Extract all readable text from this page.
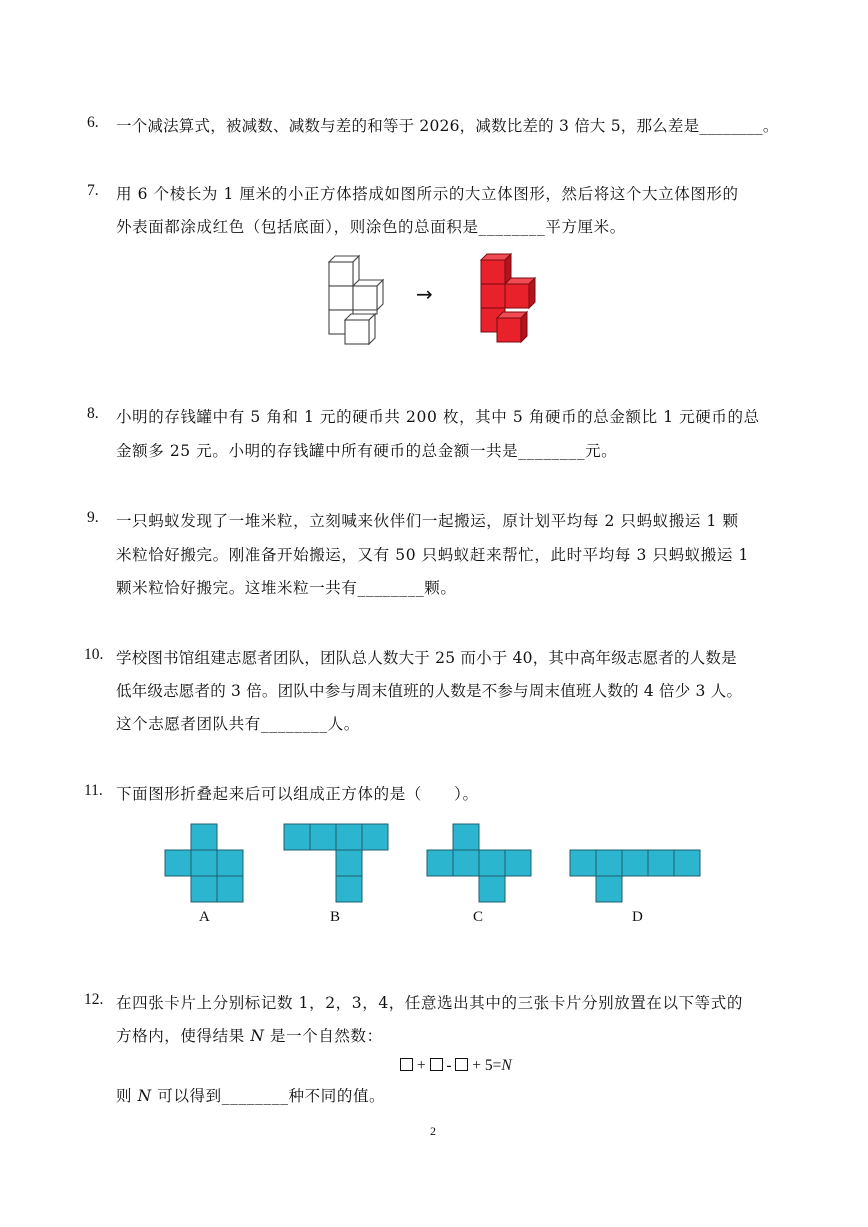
6. 一个减法算式，被减数、减数与差的和等于 2026，减数比差的 3 倍大 5，那么差是________。
7. 用 6 个棱长为 1 厘米的小正方体搭成如图所示的大立体图形，然后将这个大立体图形的
外表面都涂成红色（包括底面），则涂色的总面积是________平方厘米。
→
8. 小明的存钱罐中有 5 角和 1 元的硬币共 200 枚，其中 5 角硬币的总金额比 1 元硬币的总
金额多 25 元。小明的存钱罐中所有硬币的总金额一共是________元。
9. 一只蚂蚁发现了一堆米粒，立刻喊来伙伴们一起搬运，原计划平均每 2 只蚂蚁搬运 1 颗
米粒恰好搬完。刚准备开始搬运，又有 50 只蚂蚁赶来帮忙，此时平均每 3 只蚂蚁搬运 1
颗米粒恰好搬完。这堆米粒一共有________颗。
10. 学校图书馆组建志愿者团队，团队总人数大于 25 而小于 40，其中高年级志愿者的人数是
低年级志愿者的 3 倍。团队中参与周末值班的人数是不参与周末值班人数的 4 倍少 3 人。
这个志愿者团队共有________人。
11. 下面图形折叠起来后可以组成正方体的是（　　）。
A	B	C	D
12. 在四张卡片上分别标记数 1，2，3，4，任意选出其中的三张卡片分别放置在以下等式的
方格内，使得结果 N 是一个自然数：
+  -  + 5=N
则 N 可以得到________种不同的值。
2
